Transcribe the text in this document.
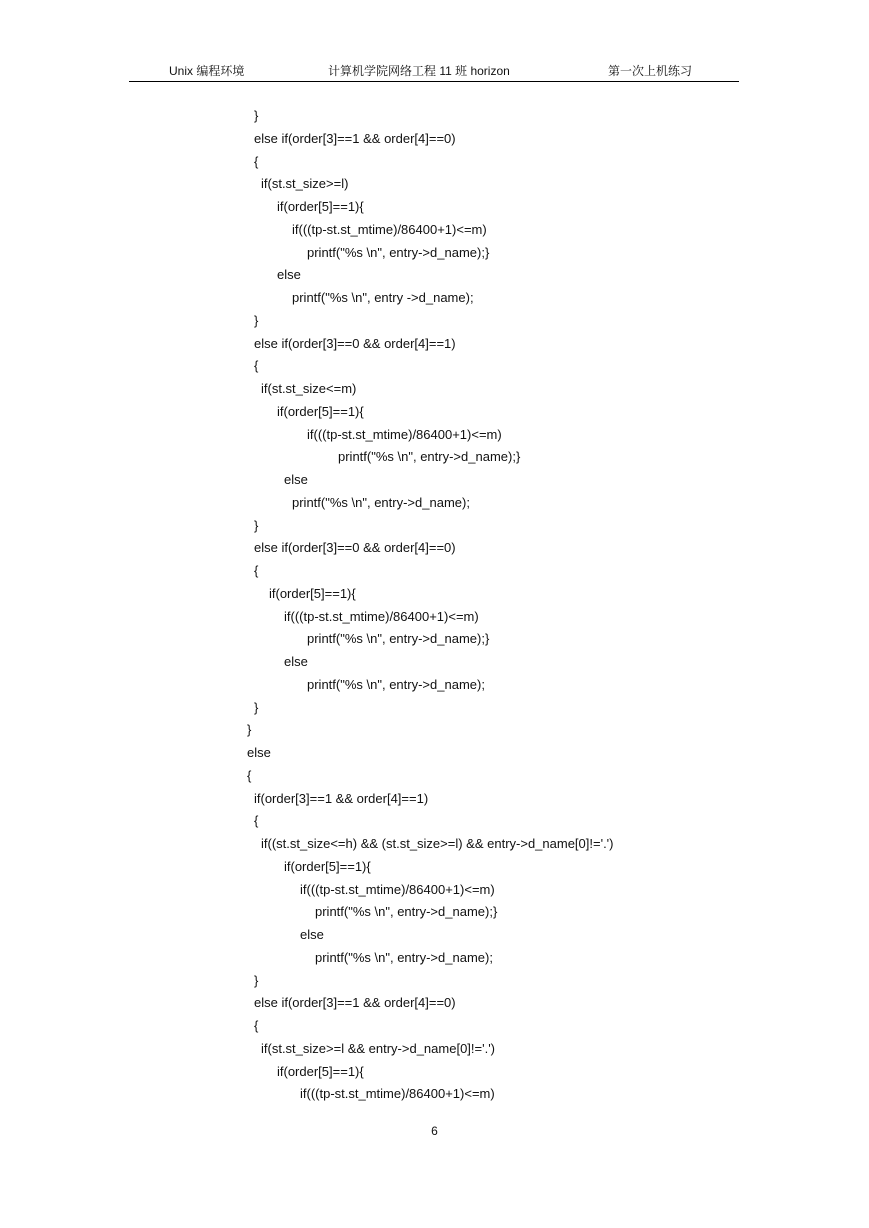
Unix 编程环境	计算机学院网络工程 11 班 horizon	第一次上机练习
}
else if(order[3]==1 && order[4]==0)
{
if(st.st_size>=l)
if(order[5]==1){
if(((tp-st.st_mtime)/86400+1)<=m)
printf("%s \n", entry->d_name);}
else
printf("%s \n", entry ->d_name);
}
else if(order[3]==0 && order[4]==1)
{
if(st.st_size<=m)
if(order[5]==1){
if(((tp-st.st_mtime)/86400+1)<=m)
printf("%s \n", entry->d_name);}
else
printf("%s \n", entry->d_name);
}
else if(order[3]==0 && order[4]==0)
{
if(order[5]==1){
if(((tp-st.st_mtime)/86400+1)<=m)
printf("%s \n", entry->d_name);}
else
printf("%s \n", entry->d_name);
}
}
else
{
if(order[3]==1 && order[4]==1)
{
if((st.st_size<=h) && (st.st_size>=l) && entry->d_name[0]!='.')
if(order[5]==1){
if(((tp-st.st_mtime)/86400+1)<=m)
printf("%s \n", entry->d_name);}
else
printf("%s \n", entry->d_name);
}
else if(order[3]==1 && order[4]==0)
{
if(st.st_size>=l && entry->d_name[0]!='.')
if(order[5]==1){
if(((tp-st.st_mtime)/86400+1)<=m)
6
